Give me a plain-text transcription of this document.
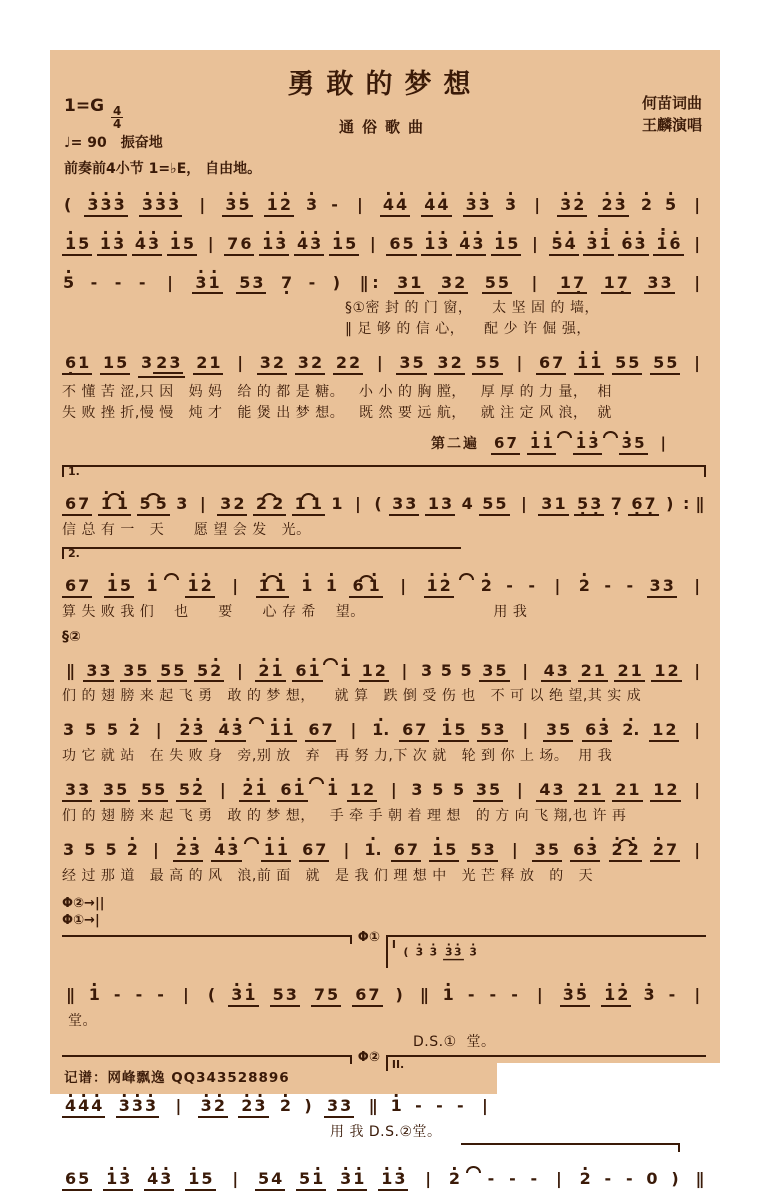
勇敢的梦想
通俗歌曲
何苗词曲
王麟演唱
$1=G \frac{4}{4}$
♩= 90 振奋地
前奏前4小节 1=♭E， 自由地。
( · 3 · 3 · 3 · 3 · 3 · 3 | · 3 · 5 · 1 · 2 · 3 - | · 4 · 4 · 4 · 4 · 3 · 3 · 3 | · 3 · 2 · 2 · 3 · 2 · 5 |
· 1 5 · 1 · 3 · 4 · 3 · 1 5 | 7 6 · 1 · 3 · 4 · 3 · 1 5 | 6 5 · 1 · 3 · 4 · 3 · 1 5 | · 5 · 4 · 3 ·· 1 · 6 · 3 ·· 1 · 6 |
· 5 - - - | · 3 · 1 5 3 7 · - ) || : 3 1 3 2 5 5 | 1 7 · 1 7 · 3 3 |
§①密 封 的 门 窗，    太 坚 固 的 墙，
‖ 足 够 的 信 心，    配 少 许 倔 强，
6 · 1 1 5 3 2 3 2 1 | 3 2 3 2 2 2 | 3 5 3 2 5 5 | 6 7 · 1 · 1 5 5 5 5 |
不 懂 苦 涩,只 因   妈 妈   给 的 都 是 糖。   小 小 的 胸 膛，   厚 厚 的 力 量，  相
失 败 挫 折,慢 慢   炖 才   能 煲 出 梦 想。   既 然 要 远 航，   就 注 定 风 浪，  就
第二遍 6 7 · 1 · 1 · 1 · 3 · 3 5 |
1.
6 7 · 1 · 1 5 5 3 | 3 2 2 2 1 1 1 | ( 3 3 1 3 4 5 5 | 3 1 5 · 3 · 7 · 6 · 7 · ) : ||
信 总 有 一   天      愿 望 会 发   光。
2.
6 7 · 1 5 · 1 · 1 · 2 | · 1 · 1 · 1 · 1 6 · 1 | · 1 · 2 · 2 - - | · 2 - - 3 3 |
算 失 败 我 们    也      要      心 存 希    望。                          用 我
§②
|| 3 3 3 5 5 5 5 · 2 | · 2 · 1 6 · 1 · 1 1 2 | 3 5 5 3 5 | 4 3 2 1 2 1 1 2 |
们 的 翅 膀 来 起 飞 勇   敢 的 梦 想，    就 算   跌 倒 受 伤 也   不 可 以 绝 望,其 实 成
3 5 5 · 2 | · 2 · 3 · 4 · 3 · 1 · 1 6 7 | · 1. 6 7 · 1 5 5 3 | 3 5 6 · 3 · 2. 1 2 |
功 它 就 站   在 失 败 身   旁,别 放   弃   再 努 力,下 次 就   轮 到 你 上 场。  用 我
3 3 3 5 5 5 5 · 2 | · 2 · 1 6 · 1 · 1 1 2 | 3 5 5 3 5 | 4 3 2 1 2 1 1 2 |
们 的 翅 膀 来 起 飞 勇   敢 的 梦 想，   手 牵 手 朝 着 理 想   的 方 向 飞 翔,也 许 再
3 5 5 · 2 | · 2 · 3 · 4 · 3 · 1 · 1 6 7 | · 1. 6 7 · 1 5 5 3 | 3 5 6 · 3 · 2 · 2 · 2 7 |
经 过 那 道   最 高 的 风   浪,前 面   就   是 我 们 理 想 中   光 芒 释 放   的   天
Φ②→||
Φ①→|
Φ① I
( · 3 · 3 · 3 · 3 · 3
|| · 1 - - - | ( · 3 · 1 5 3 7 5 6 7 ) || · 1 - - - | · 3 · 5 · 1 · 2 · 3 - |
堂。
D.S.①  堂。
Φ② II.
· 4 · 4 · 4 · 3 · 3 · 3 | · 3 · 2 · 2 · 3 · 2 ) 3 3 || · 1 - - - |
·
·
·
·
·
·
用 我 D.S.②堂。
6 5 · 1 · 3 · 4 · 3 · 1 5 | 5 4 5 · 1 · 3 · 1 · 1 · 3 | · 2 - - - | · 2 - - 0 ) ||
记谱：网峰飘逸 QQ343528896
